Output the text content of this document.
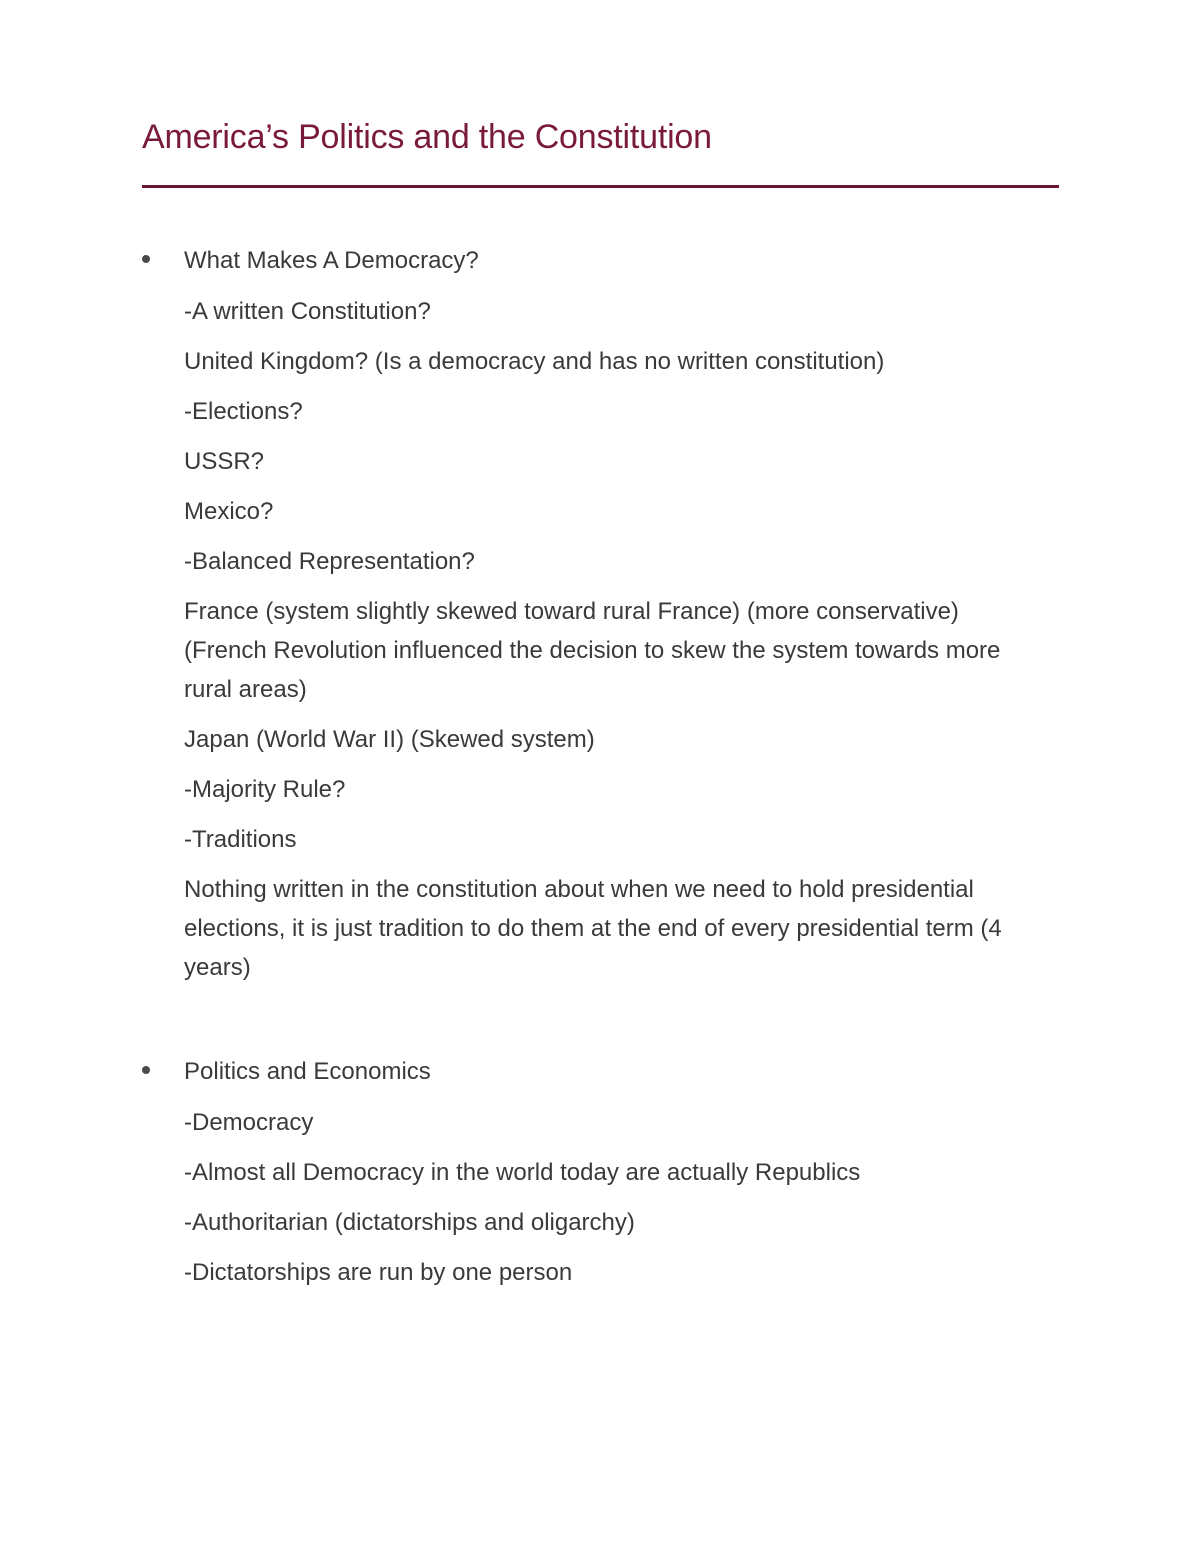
America’s Politics and the Constitution
What Makes A Democracy?
-A written Constitution?
United Kingdom? (Is a democracy and has no written constitution)
-Elections?
USSR?
Mexico?
-Balanced Representation?
France (system slightly skewed toward rural France) (more conservative) (French Revolution influenced the decision to skew the system towards more rural areas)
Japan (World War II) (Skewed system)
-Majority Rule?
-Traditions
Nothing written in the constitution about when we need to hold presidential elections, it is just tradition to do them at the end of every presidential term (4 years)
Politics and Economics
-Democracy
-Almost all Democracy in the world today are actually Republics
-Authoritarian (dictatorships and oligarchy)
-Dictatorships are run by one person
